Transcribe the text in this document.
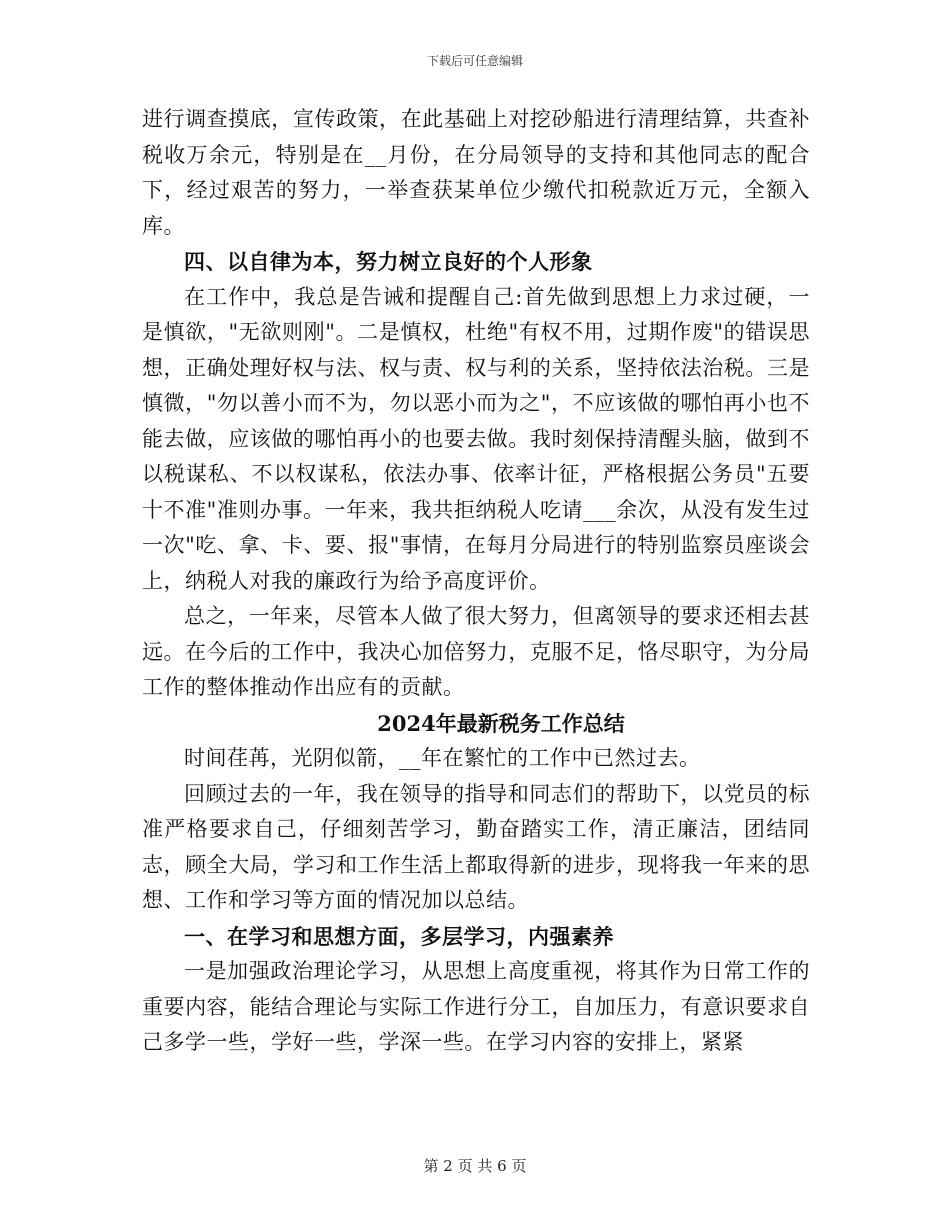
下载后可任意编辑

进行调查摸底，宣传政策，在此基础上对挖砂船进行清理结算，共查补税收万余元，特别是在__月份，在分局领导的支持和其他同志的配合下，经过艰苦的努力，一举查获某单位少缴代扣税款近万元，全额入库。

四、以自律为本，努力树立良好的个人形象

在工作中，我总是告诫和提醒自己:首先做到思想上力求过硬，一是慎欲，"无欲则刚"。二是慎权，杜绝"有权不用，过期作废"的错误思想，正确处理好权与法、权与责、权与利的关系，坚持依法治税。三是慎微，"勿以善小而不为，勿以恶小而为之"，不应该做的哪怕再小也不能去做，应该做的哪怕再小的也要去做。我时刻保持清醒头脑，做到不以税谋私、不以权谋私，依法办事、依率计征，严格根据公务员"五要十不准"准则办事。一年来，我共拒纳税人吃请___余次，从没有发生过一次"吃、拿、卡、要、报"事情，在每月分局进行的特别监察员座谈会上，纳税人对我的廉政行为给予高度评价。

总之，一年来，尽管本人做了很大努力，但离领导的要求还相去甚远。在今后的工作中，我决心加倍努力，克服不足，恪尽职守，为分局工作的整体推动作出应有的贡献。

2024年最新税务工作总结

时间荏苒，光阴似箭，__年在繁忙的工作中已然过去。

回顾过去的一年，我在领导的指导和同志们的帮助下，以党员的标准严格要求自己，仔细刻苦学习，勤奋踏实工作，清正廉洁，团结同志，顾全大局，学习和工作生活上都取得新的进步，现将我一年来的思想、工作和学习等方面的情况加以总结。

一、在学习和思想方面，多层学习，内强素养

一是加强政治理论学习，从思想上高度重视，将其作为日常工作的重要内容，能结合理论与实际工作进行分工，自加压力，有意识要求自己多学一些，学好一些，学深一些。在学习内容的安排上，紧紧

第 2 页 共 6 页
